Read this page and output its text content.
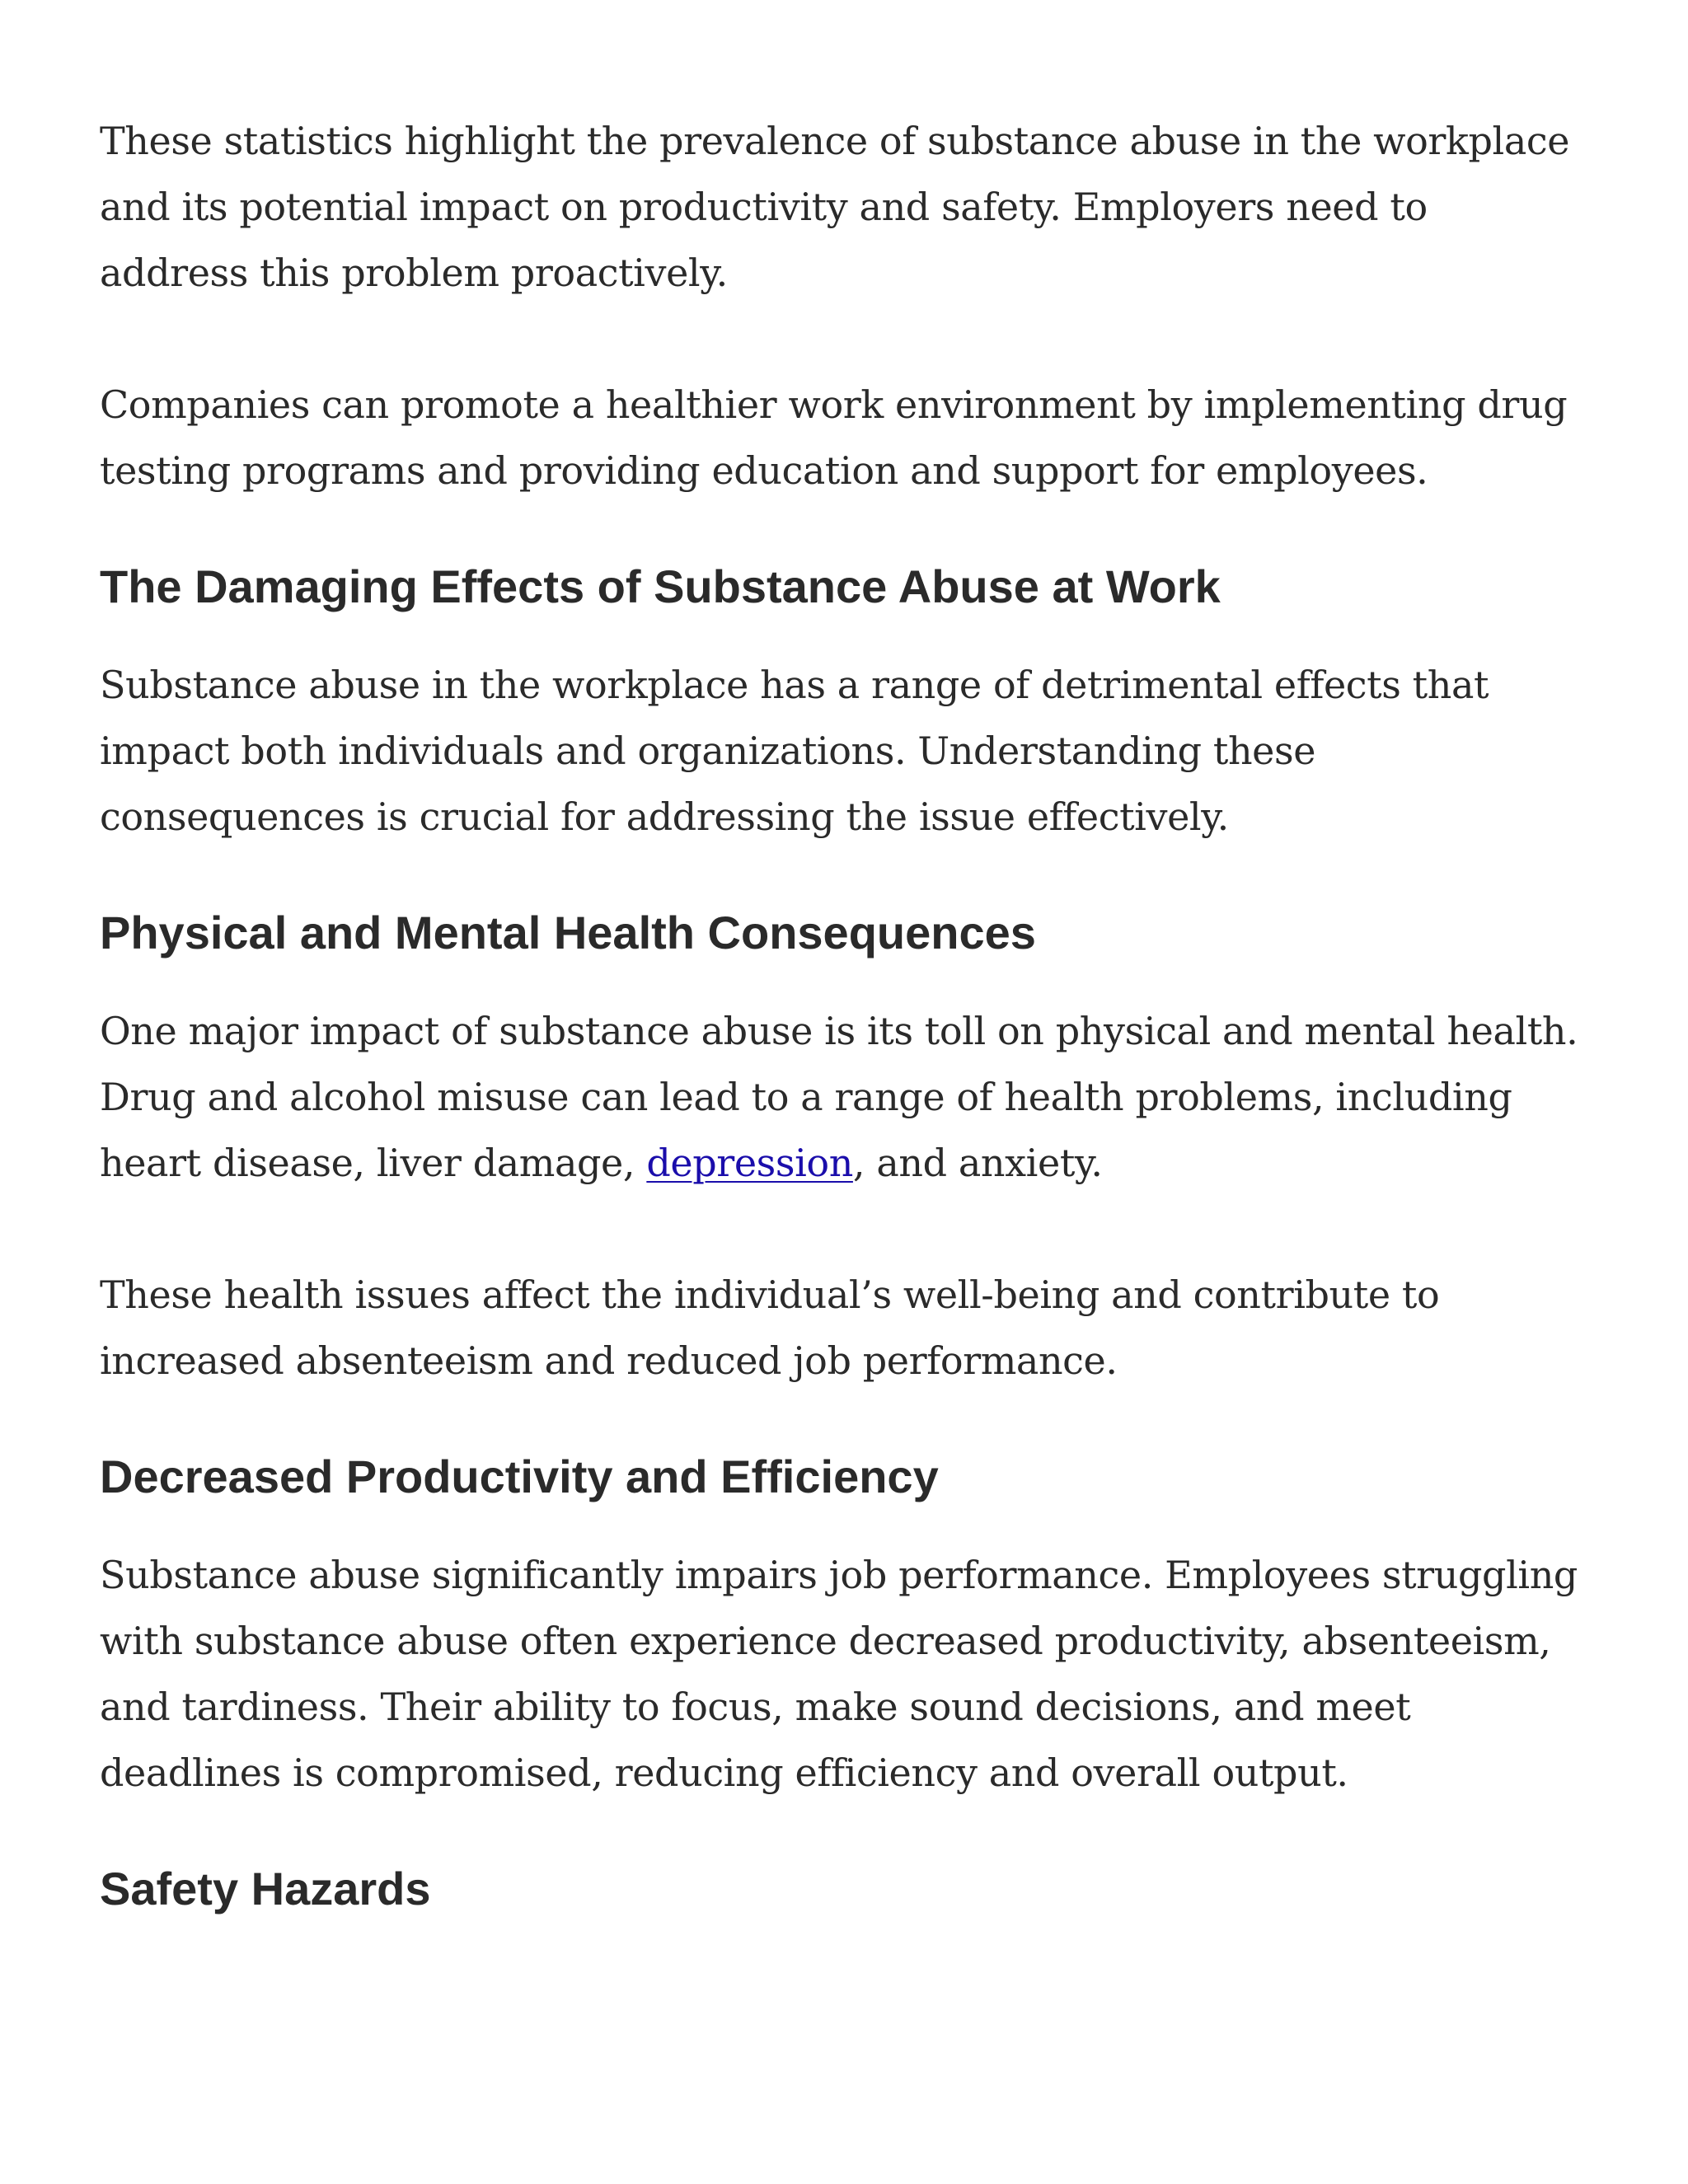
These statistics highlight the prevalence of substance abuse in the workplace and its potential impact on productivity and safety. Employers need to address this problem proactively.

Companies can promote a healthier work environment by implementing drug testing programs and providing education and support for employees.

The Damaging Effects of Substance Abuse at Work

Substance abuse in the workplace has a range of detrimental effects that impact both individuals and organizations. Understanding these consequences is crucial for addressing the issue effectively.

Physical and Mental Health Consequences

One major impact of substance abuse is its toll on physical and mental health. Drug and alcohol misuse can lead to a range of health problems, including heart disease, liver damage, depression, and anxiety.

These health issues affect the individual’s well-being and contribute to increased absenteeism and reduced job performance.

Decreased Productivity and Efficiency

Substance abuse significantly impairs job performance. Employees struggling with substance abuse often experience decreased productivity, absenteeism, and tardiness. Their ability to focus, make sound decisions, and meet deadlines is compromised, reducing efficiency and overall output.

Safety Hazards
